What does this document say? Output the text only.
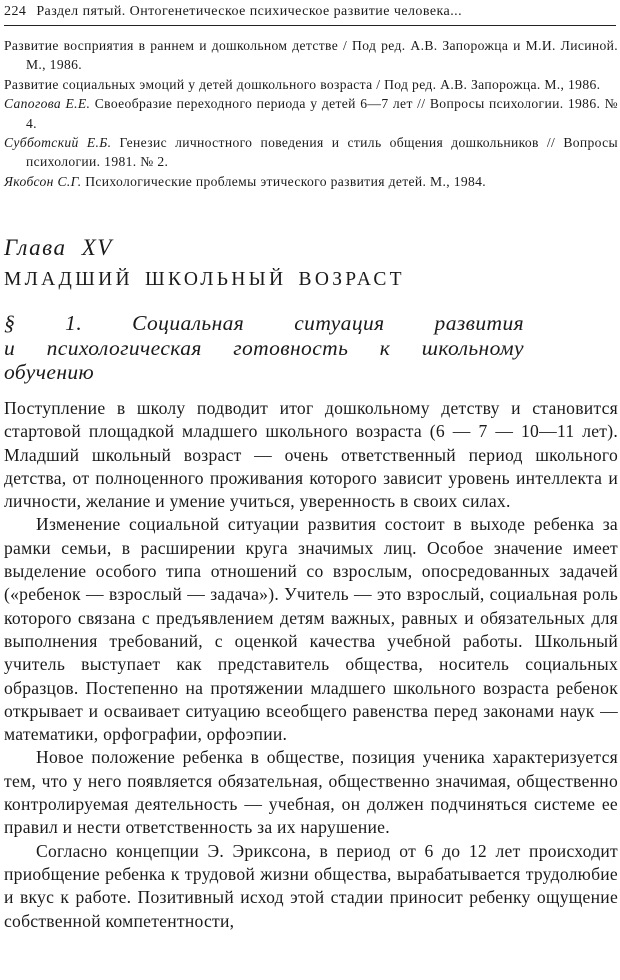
224 Раздел пятый. Онтогенетическое психическое развитие человека...

Развитие восприятия в раннем и дошкольном детстве / Под ред. А.В. Запорожца и М.И. Лисиной. М., 1986.

Развитие социальных эмоций у детей дошкольного возраста / Под ред. А.В. Запорожца. М., 1986.

Сапогова Е.Е. Своеобразие переходного периода у детей 6—7 лет // Вопросы психологии. 1986. № 4.

Субботский Е.Б. Генезис личностного поведения и стиль общения дошкольников // Вопросы психологии. 1981. № 2.

Якобсон С.Г. Психологические проблемы этического развития детей. М., 1984.

Глава XV
МЛАДШИЙ ШКОЛЬНЫЙ ВОЗРАСТ
§ 1. Социальная ситуация развития
и психологическая готовность к школьному
обучению

Поступление в школу подводит итог дошкольному детству и становится стартовой площадкой младшего школьного возраста (6 — 7 — 10—11 лет). Младший школьный возраст — очень ответственный период школьного детства, от полноценного проживания которого зависит уровень интеллекта и личности, желание и умение учиться, уверенность в своих силах.

Изменение социальной ситуации развития состоит в выходе ребенка за рамки семьи, в расширении круга значимых лиц. Особое значение имеет выделение особого типа отношений со взрослым, опосредованных задачей («ребенок — взрослый — задача»). Учитель — это взрослый, социальная роль которого связана с предъявлением детям важных, равных и обязательных для выполнения требований, с оценкой качества учебной работы. Школьный учитель выступает как представитель общества, носитель социальных образцов. Постепенно на протяжении младшего школьного возраста ребенок открывает и осваивает ситуацию всеобщего равенства перед законами наук — математики, орфографии, орфоэпии.

Новое положение ребенка в обществе, позиция ученика характеризуется тем, что у него появляется обязательная, общественно значимая, общественно контролируемая деятельность — учебная, он должен подчиняться системе ее правил и нести ответственность за их нарушение.

Согласно концепции Э. Эриксона, в период от 6 до 12 лет происходит приобщение ребенка к трудовой жизни общества, вырабатывается трудолюбие и вкус к работе. Позитивный исход этой стадии приносит ребенку ощущение собственной компетентности,
